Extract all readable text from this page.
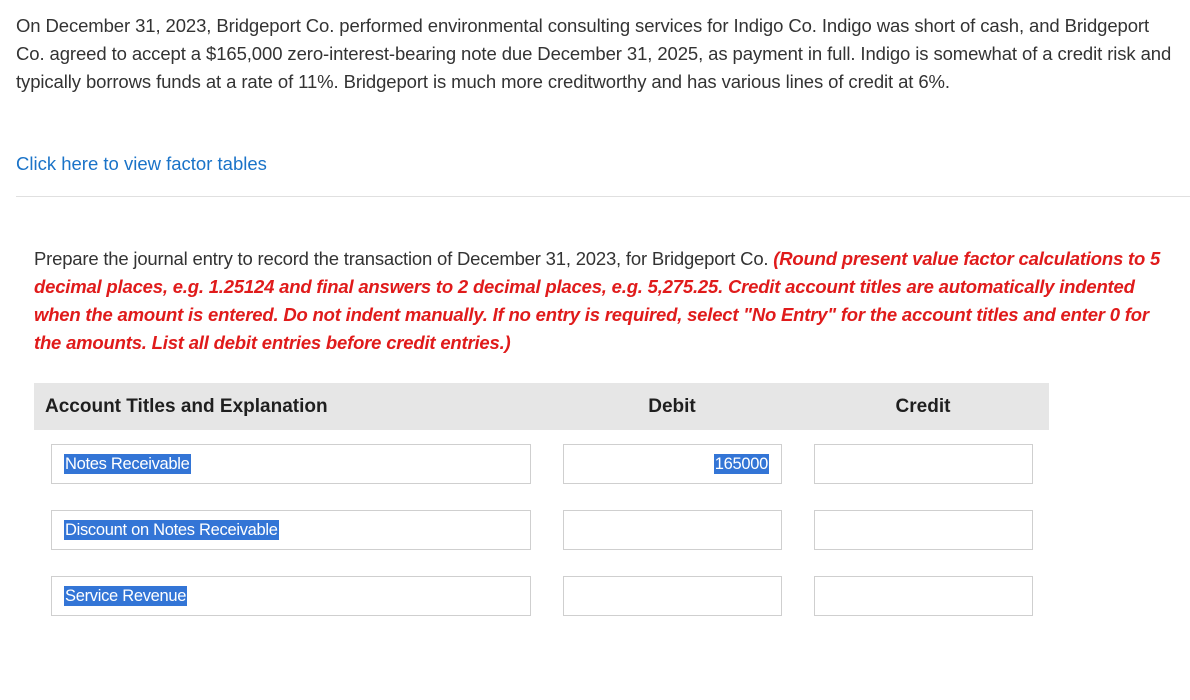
On December 31, 2023, Bridgeport Co. performed environmental consulting services for Indigo Co. Indigo was short of cash, and Bridgeport Co. agreed to accept a $165,000 zero-interest-bearing note due December 31, 2025, as payment in full. Indigo is somewhat of a credit risk and typically borrows funds at a rate of 11%. Bridgeport is much more creditworthy and has various lines of credit at 6%.

Click here to view factor tables
Prepare the journal entry to record the transaction of December 31, 2023, for Bridgeport Co. (Round present value factor calculations to 5 decimal places, e.g. 1.25124 and final answers to 2 decimal places, e.g. 5,275.25. Credit account titles are automatically indented when the amount is entered. Do not indent manually. If no entry is required, select "No Entry" for the account titles and enter 0 for the amounts. List all debit entries before credit entries.)
Account Titles and Explanation	Debit	Credit
Notes Receivable	165000
Discount on Notes Receivable
Service Revenue
